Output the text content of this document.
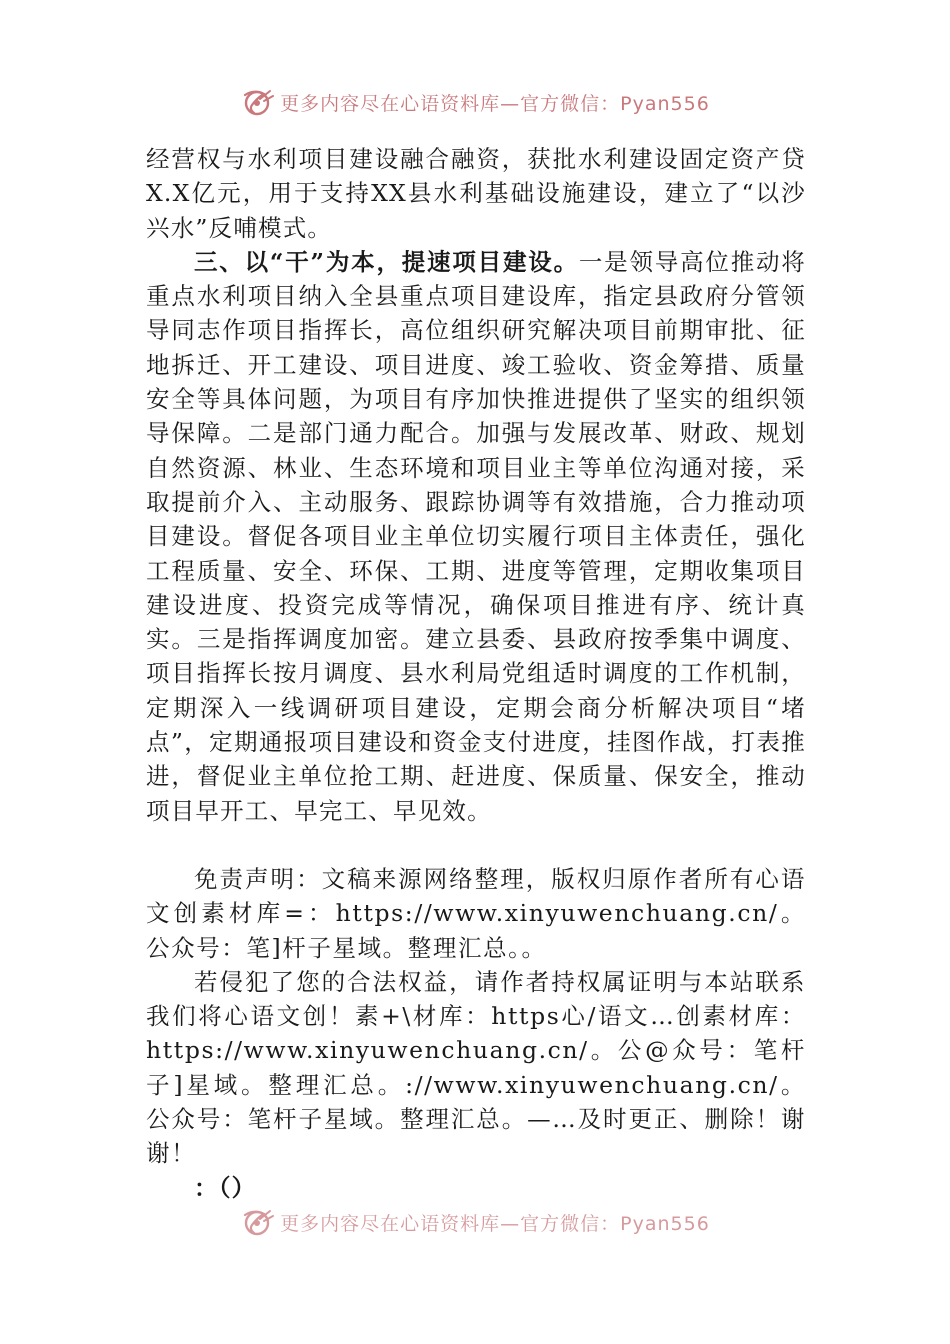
更多内容尽在心语资料库—官方微信：Pyan556

经营权与水利项目建设融合融资，获批水利建设固定资产贷X.X亿元，用于支持XX县水利基础设施建设，建立了“以沙兴水”反哺模式。

三、以“干”为本，提速项目建设。一是领导高位推动将重点水利项目纳入全县重点项目建设库，指定县政府分管领导同志作项目指挥长，高位组织研究解决项目前期审批、征地拆迁、开工建设、项目进度、竣工验收、资金筹措、质量安全等具体问题，为项目有序加快推进提供了坚实的组织领导保障。二是部门通力配合。加强与发展改革、财政、规划自然资源、林业、生态环境和项目业主等单位沟通对接，采取提前介入、主动服务、跟踪协调等有效措施，合力推动项目建设。督促各项目业主单位切实履行项目主体责任，强化工程质量、安全、环保、工期、进度等管理，定期收集项目建设进度、投资完成等情况，确保项目推进有序、统计真实。三是指挥调度加密。建立县委、县政府按季集中调度、项目指挥长按月调度、县水利局党组适时调度的工作机制，定期深入一线调研项目建设，定期会商分析解决项目“堵点”，定期通报项目建设和资金支付进度，挂图作战，打表推进，督促业主单位抢工期、赶进度、保质量、保安全，推动项目早开工、早完工、早见效。

免责声明：文稿来源网络整理，版权归原作者所有心语文创素材库=：https://www.xinyuwenchuang.cn/。公众号：笔]杆子星域。整理汇总。。

若侵犯了您的合法权益，请作者持权属证明与本站联系我们将心语文创！素+\材库：https心/语文…创素材库：https://www.xinyuwenchuang.cn/。公@众号：笔杆子]星域。整理汇总。://www.xinyuwenchuang.cn/。公众号：笔杆子星域。整理汇总。—…及时更正、删除！谢谢！

：（）

更多内容尽在心语资料库—官方微信：Pyan556
